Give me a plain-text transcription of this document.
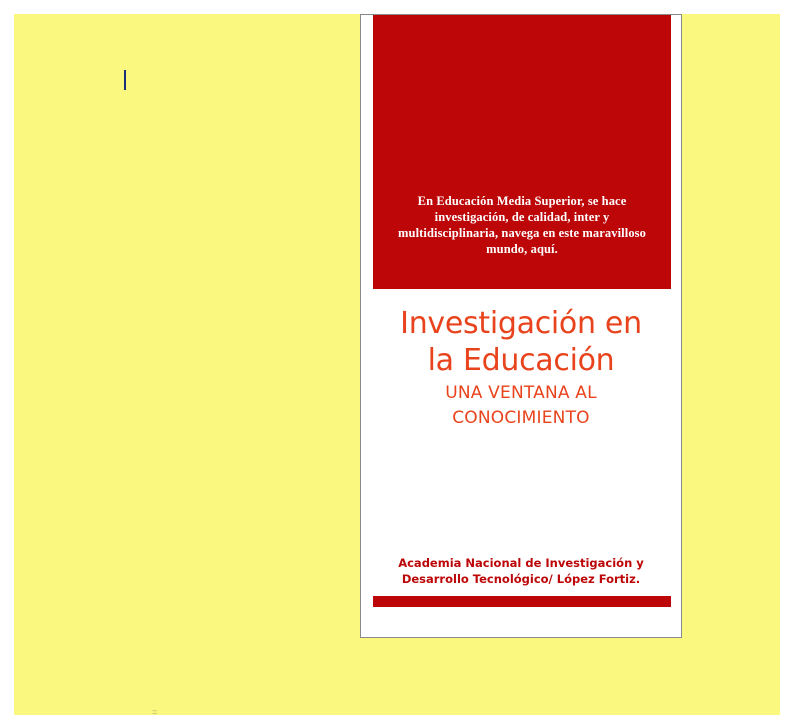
En Educación Media Superior, se hace investigación, de calidad, inter y multidisciplinaria, navega en este maravilloso mundo, aquí.
Investigación en
la Educación
UNA VENTANA AL
CONOCIMIENTO
Academia Nacional de Investigación y
Desarrollo Tecnológico/ López Fortiz.
=
